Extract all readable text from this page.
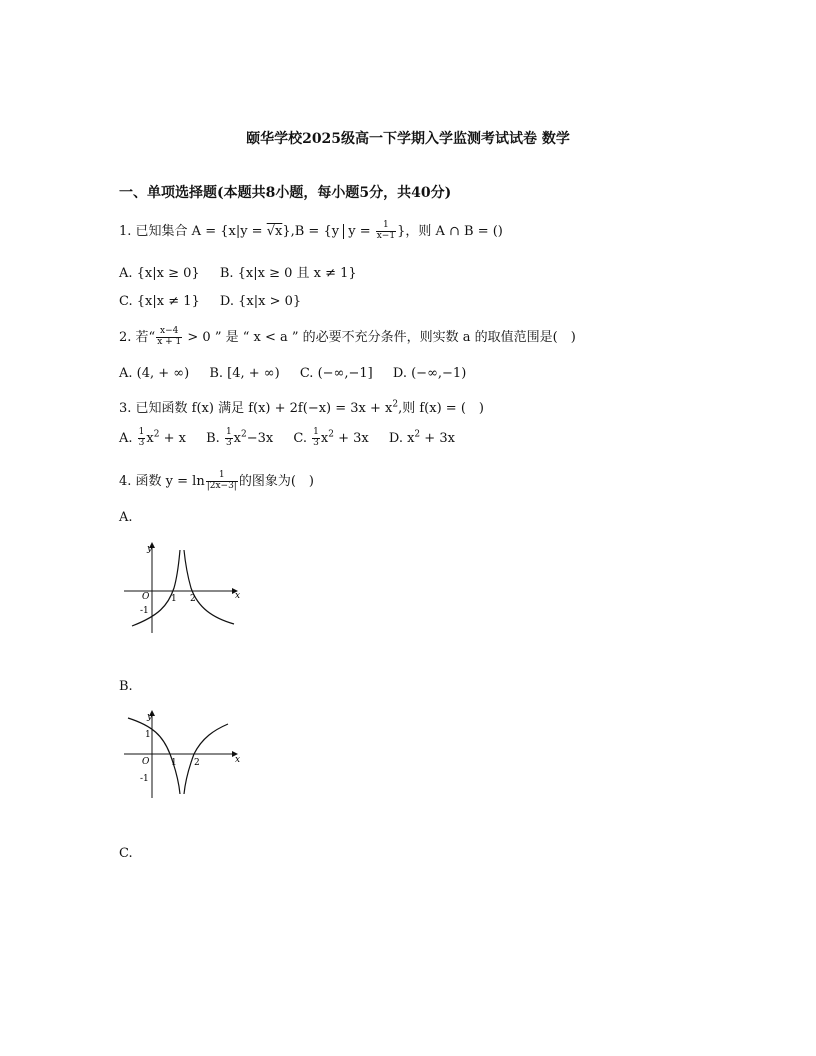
颐华学校2025级高一下学期入学监测考试试卷 数学
一、单项选择题(本题共8小题，每小题5分，共40分)
1. 已知集合 A = {x|y = √x},B = {y $y = \frac{1}{x-1}$ }，则 A ∩ B = ()
A. {x|x ≥ 0} B. {x|x ≥ 0 且 x ≠ 1}
C. {x|x ≠ 1} D. {x|x > 0}
2. 若“ $\frac{x-4}{x + 1} > 0$ ” 是 “ x < a ” 的必要不充分条件，则实数 a 的取值范围是(　)
A. (4, + ∞) B. [4, + ∞) C. (−∞,−1] D. (−∞,−1)
3. 已知函数 f(x) 满足 $f(x) + 2f(-x) = 3x + x^2$,则 f(x) = (　)
A. $\frac{1}{3} x^2 + x$ B. $\frac{1}{3} x^2-3x$ C. $\frac{1}{3} x^2 + 3x$ D. $x^2 + 3x$
4. 函数 $y = \ln \frac{1}{|2x-3|}$ 的图象为(　)
A.
y
x
O 1 2
-1
B.
y
x
O
1
1 2
-1
C.
